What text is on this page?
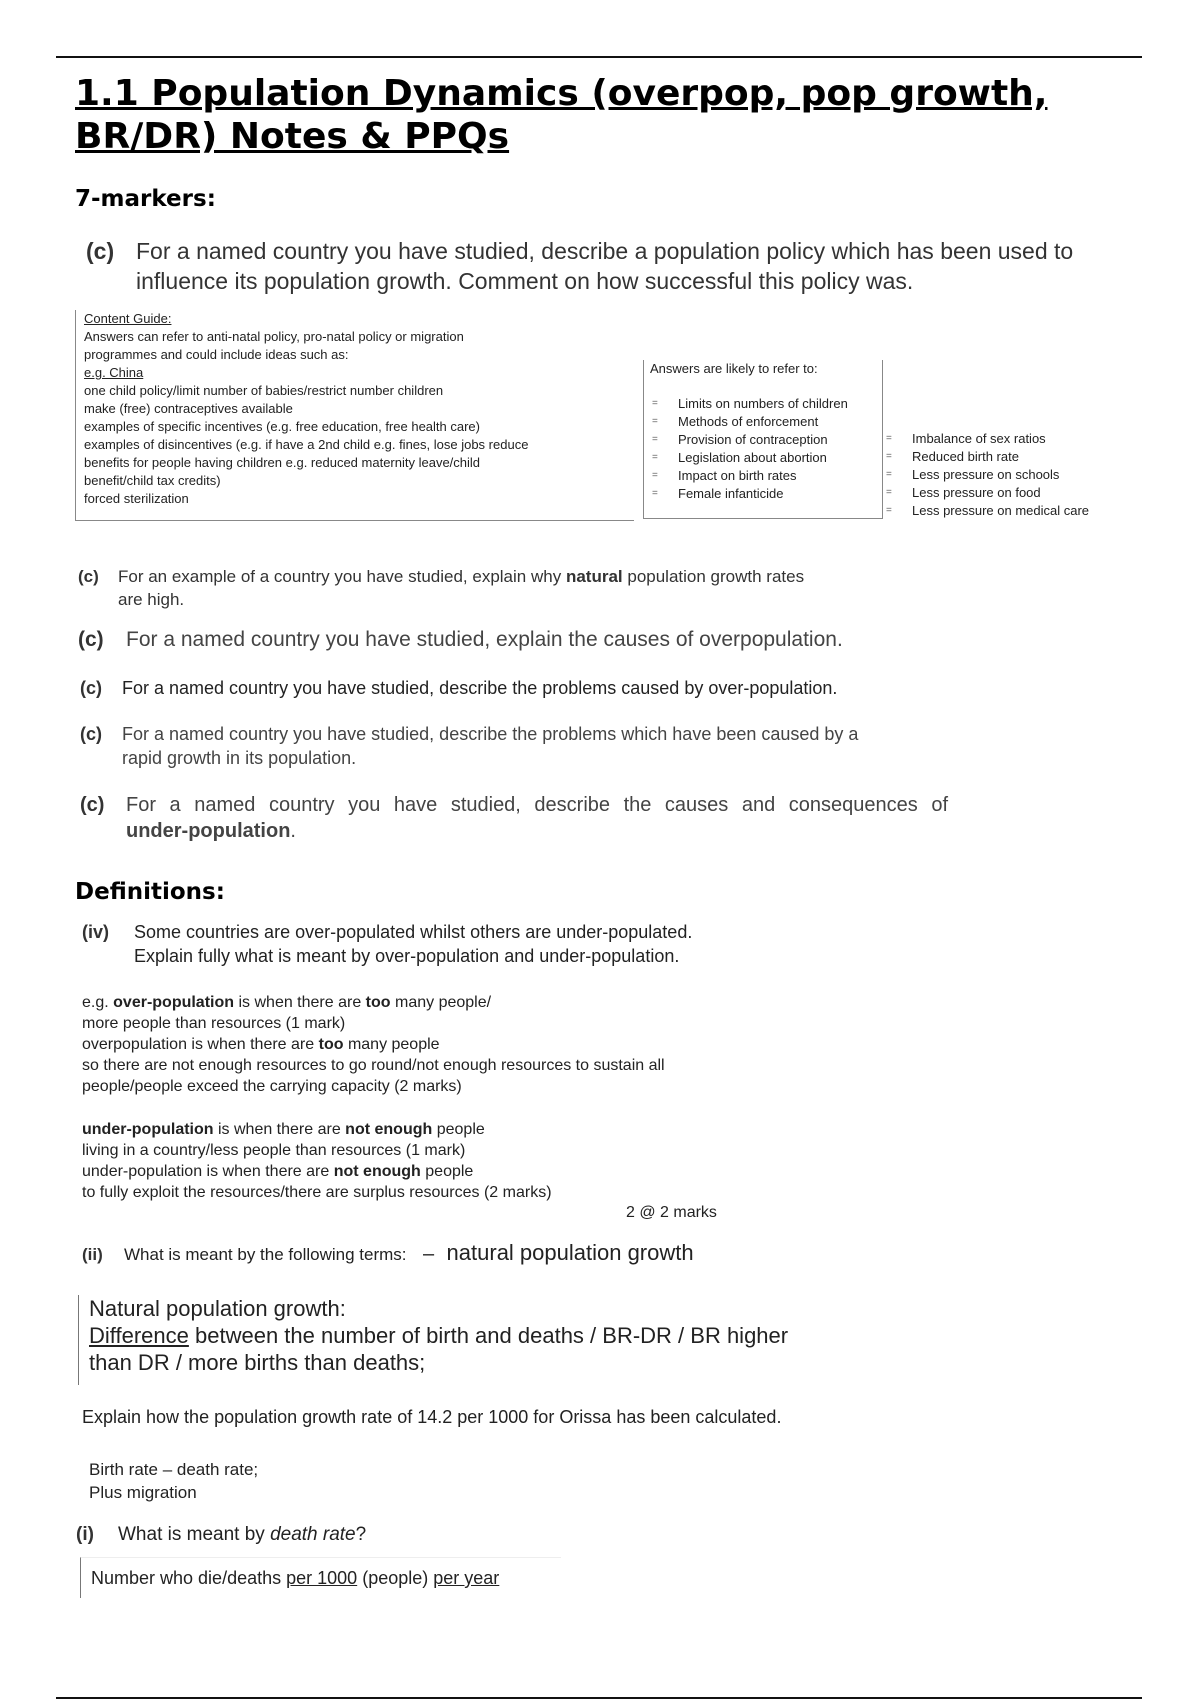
1.1 Population Dynamics (overpop, pop growth, BR/DR) Notes & PPQs
7-markers:
(c) For a named country you have studied, describe a population policy which has been used to influence its population growth. Comment on how successful this policy was.
Content Guide:
Answers can refer to anti-natal policy, pro-natal policy or migration
programmes and could include ideas such as:
e.g. China
one child policy/limit number of babies/restrict number children
make (free) contraceptives available
examples of specific incentives (e.g. free education, free health care)
examples of disincentives (e.g. if have a 2nd child e.g. fines, lose jobs reduce
benefits for people having children e.g. reduced maternity leave/child
benefit/child tax credits)
forced sterilization
Answers are likely to refer to:
= Limits on numbers of children
= Methods of enforcement
= Provision of contraception
= Legislation about abortion
= Impact on birth rates
= Female infanticide
= Imbalance of sex ratios
= Reduced birth rate
= Less pressure on schools
= Less pressure on food
= Less pressure on medical care
(c) For an example of a country you have studied, explain why natural population growth rates
are high.
(c) For a named country you have studied, explain the causes of overpopulation.
(c) For a named country you have studied, describe the problems caused by over-population.
(c) For a named country you have studied, describe the problems which have been caused by a
rapid growth in its population.
(c) For a named country you have studied, describe the causes and consequences of
under-population.
Definitions:
(iv) Some countries are over-populated whilst others are under-populated.
Explain fully what is meant by over-population and under-population.
e.g. over-population is when there are too many people/
more people than resources (1 mark)
overpopulation is when there are too many people
so there are not enough resources to go round/not enough resources to sustain all
people/people exceed the carrying capacity (2 marks)
under-population is when there are not enough people
living in a country/less people than resources (1 mark)
under-population is when there are not enough people
to fully exploit the resources/there are surplus resources (2 marks)
2 @ 2 marks
(ii) What is meant by the following terms: – natural population growth
Natural population growth:
Difference between the number of birth and deaths / BR-DR / BR higher
than DR / more births than deaths;
Explain how the population growth rate of 14.2 per 1000 for Orissa has been calculated.
Birth rate – death rate;
Plus migration
(i) What is meant by death rate?
Number who die/deaths per 1000 (people) per year
